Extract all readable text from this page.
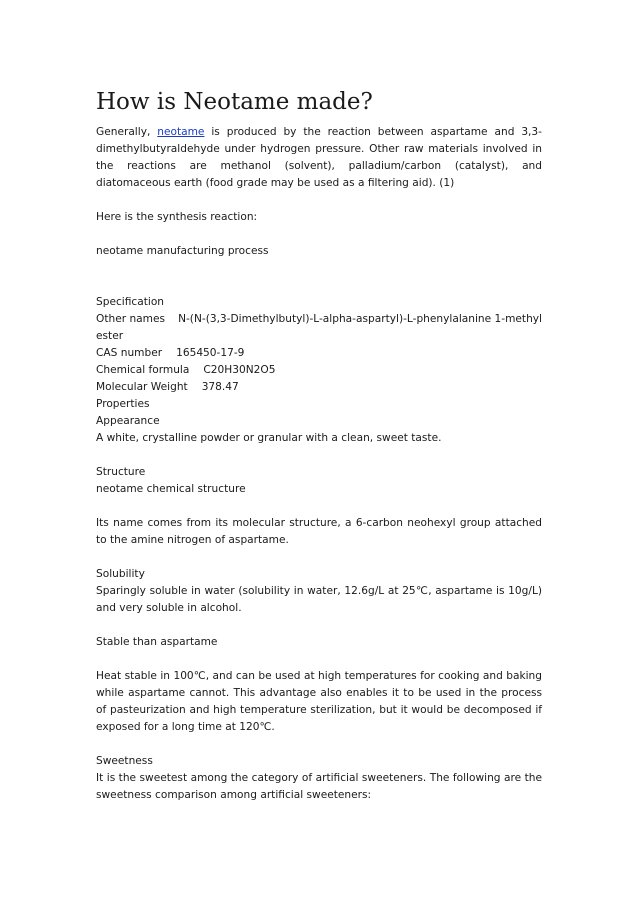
How is Neotame made?

Generally, neotame is produced by the reaction between aspartame and 3,3-dimethylbutyraldehyde under hydrogen pressure. Other raw materials involved in the reactions are methanol (solvent), palladium/carbon (catalyst), and diatomaceous earth (food grade may be used as a filtering aid). (1)

Here is the synthesis reaction:

neotame manufacturing process

Specification

Other names N-(N-(3,3-Dimethylbutyl)-L-alpha-aspartyl)-L-phenylalanine 1-methyl

ester

CAS number 165450-17-9

Chemical formula C20H30N2O5

Molecular Weight 378.47

Properties

Appearance

A white, crystalline powder or granular with a clean, sweet taste.

Structure

neotame chemical structure

Its name comes from its molecular structure, a 6-carbon neohexyl group attached to the amine nitrogen of aspartame.

Solubility

Sparingly soluble in water (solubility in water, 12.6g/L at 25℃, aspartame is 10g/L) and very soluble in alcohol.

Stable than aspartame

Heat stable in 100℃, and can be used at high temperatures for cooking and baking while aspartame cannot. This advantage also enables it to be used in the process of pasteurization and high temperature sterilization, but it would be decomposed if exposed for a long time at 120℃.

Sweetness

It is the sweetest among the category of artificial sweeteners. The following are the sweetness comparison among artificial sweeteners:
